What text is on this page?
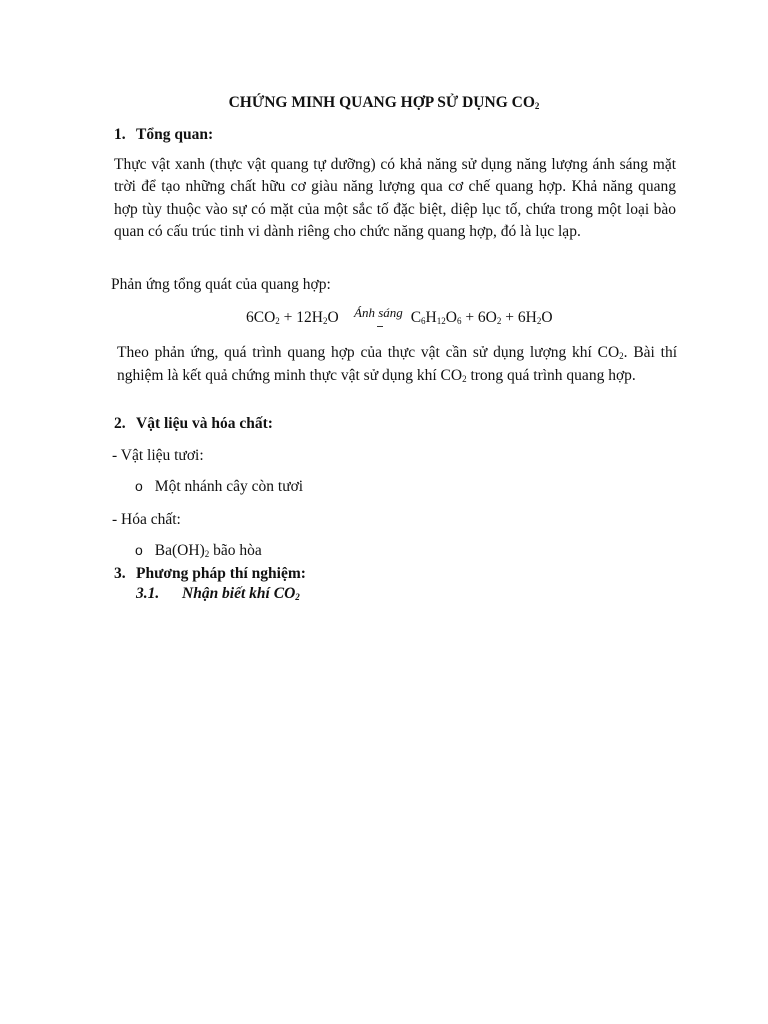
CHỨNG MINH QUANG HỢP SỬ DỤNG $CO_2$
1. Tổng quan:
Thực vật xanh (thực vật quang tự dưỡng) có khả năng sử dụng năng lượng ánh sáng mặt trời để tạo những chất hữu cơ giàu năng lượng qua cơ chế quang hợp. Khả năng quang hợp tùy thuộc vào sự có mặt của một sắc tố đặc biệt, diệp lục tố, chứa trong một loại bào quan có cấu trúc tinh vi dành riêng cho chức năng quang hợp, đó là lục lạp.
Phản ứng tổng quát của quang hợp:
$6CO_2 + 12H_2O$	$C_6H_{12}O_6 + 6O_2 + 6H_2O$
Ánh sáng
Theo phản ứng, quá trình quang hợp của thực vật cần sử dụng lượng khí $CO_2$. Bài thí nghiệm là kết quả chứng minh thực vật sử dụng khí $CO_2$ trong quá trình quang hợp.
2. Vật liệu và hóa chất:
- Vật liệu tươi:
o Một nhánh cây còn tươi
- Hóa chất:
o $Ba(OH)_2$ bão hòa
3. Phương pháp thí nghiệm:
3.1. Nhận biết khí $CO_2$
